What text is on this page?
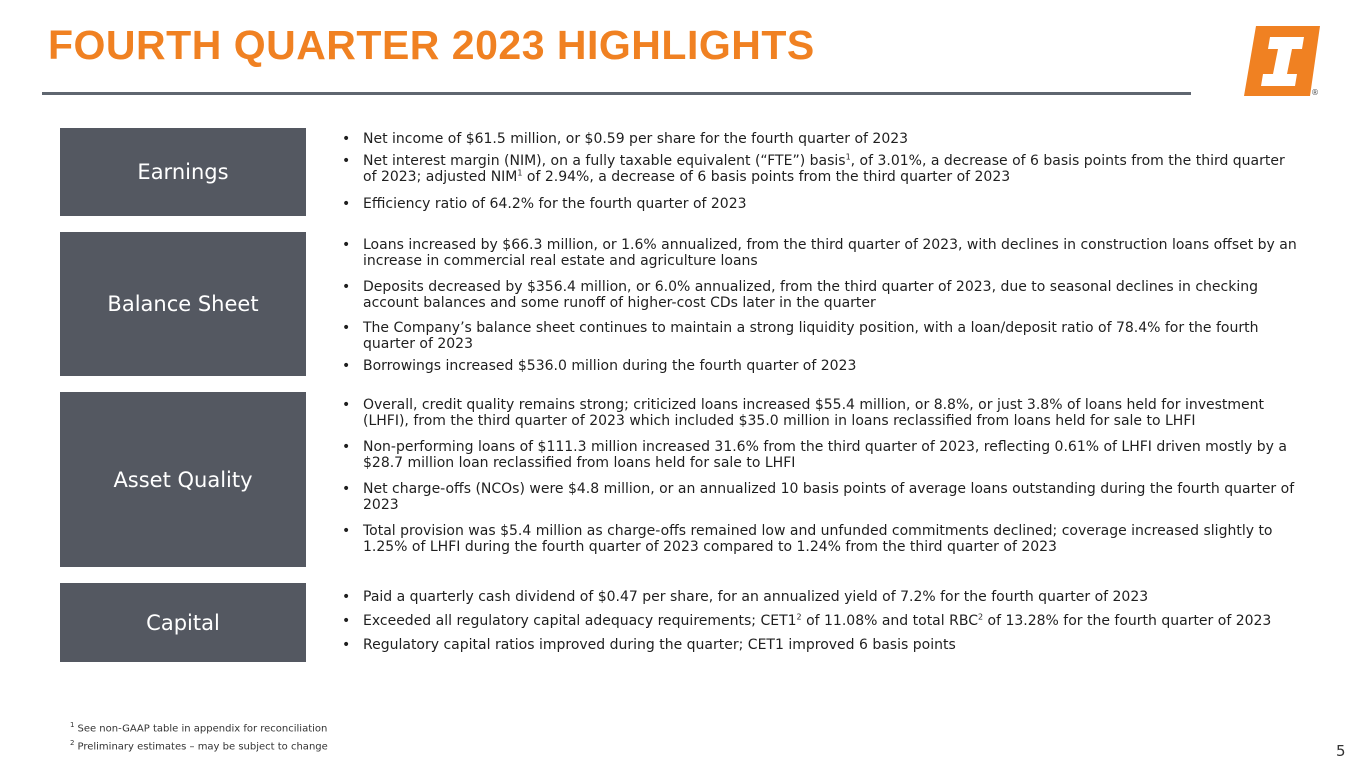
FOURTH QUARTER 2023 HIGHLIGHTS
®
Earnings
• Net income of $61.5 million, or $0.59 per share for the fourth quarter of 2023
• Net interest margin (NIM), on a fully taxable equivalent (“FTE”) basis$^1$, of 3.01%, a decrease of 6 basis points from the third quarter of 2023; adjusted NIM$^1$ of 2.94%, a decrease of 6 basis points from the third quarter of 2023
• Efficiency ratio of 64.2% for the fourth quarter of 2023
Balance Sheet
• Loans increased by $66.3 million, or 1.6% annualized, from the third quarter of 2023, with declines in construction loans offset by an increase in commercial real estate and agriculture loans
• Deposits decreased by $356.4 million, or 6.0% annualized, from the third quarter of 2023, due to seasonal declines in checking account balances and some runoff of higher-cost CDs later in the quarter
• The Company’s balance sheet continues to maintain a strong liquidity position, with a loan/deposit ratio of 78.4% for the fourth quarter of 2023
• Borrowings increased $536.0 million during the fourth quarter of 2023
Asset Quality
• Overall, credit quality remains strong; criticized loans increased $55.4 million, or 8.8%, or just 3.8% of loans held for investment (LHFI), from the third quarter of 2023 which included $35.0 million in loans reclassified from loans held for sale to LHFI
• Non-performing loans of $111.3 million increased 31.6% from the third quarter of 2023, reflecting 0.61% of LHFI driven mostly by a $28.7 million loan reclassified from loans held for sale to LHFI
• Net charge-offs (NCOs) were $4.8 million, or an annualized 10 basis points of average loans outstanding during the fourth quarter of 2023
• Total provision was $5.4 million as charge-offs remained low and unfunded commitments declined; coverage increased slightly to 1.25% of LHFI during the fourth quarter of 2023 compared to 1.24% from the third quarter of 2023
Capital
• Paid a quarterly cash dividend of $0.47 per share, for an annualized yield of 7.2% for the fourth quarter of 2023
• Exceeded all regulatory capital adequacy requirements; $CET1^2$ of 11.08% and total RBC$^2$ of 13.28% for the fourth quarter of 2023
• Regulatory capital ratios improved during the quarter; CET1 improved 6 basis points
$^1$ See non-GAAP table in appendix for reconciliation
$^2$ Preliminary estimates – may be subject to change	5
